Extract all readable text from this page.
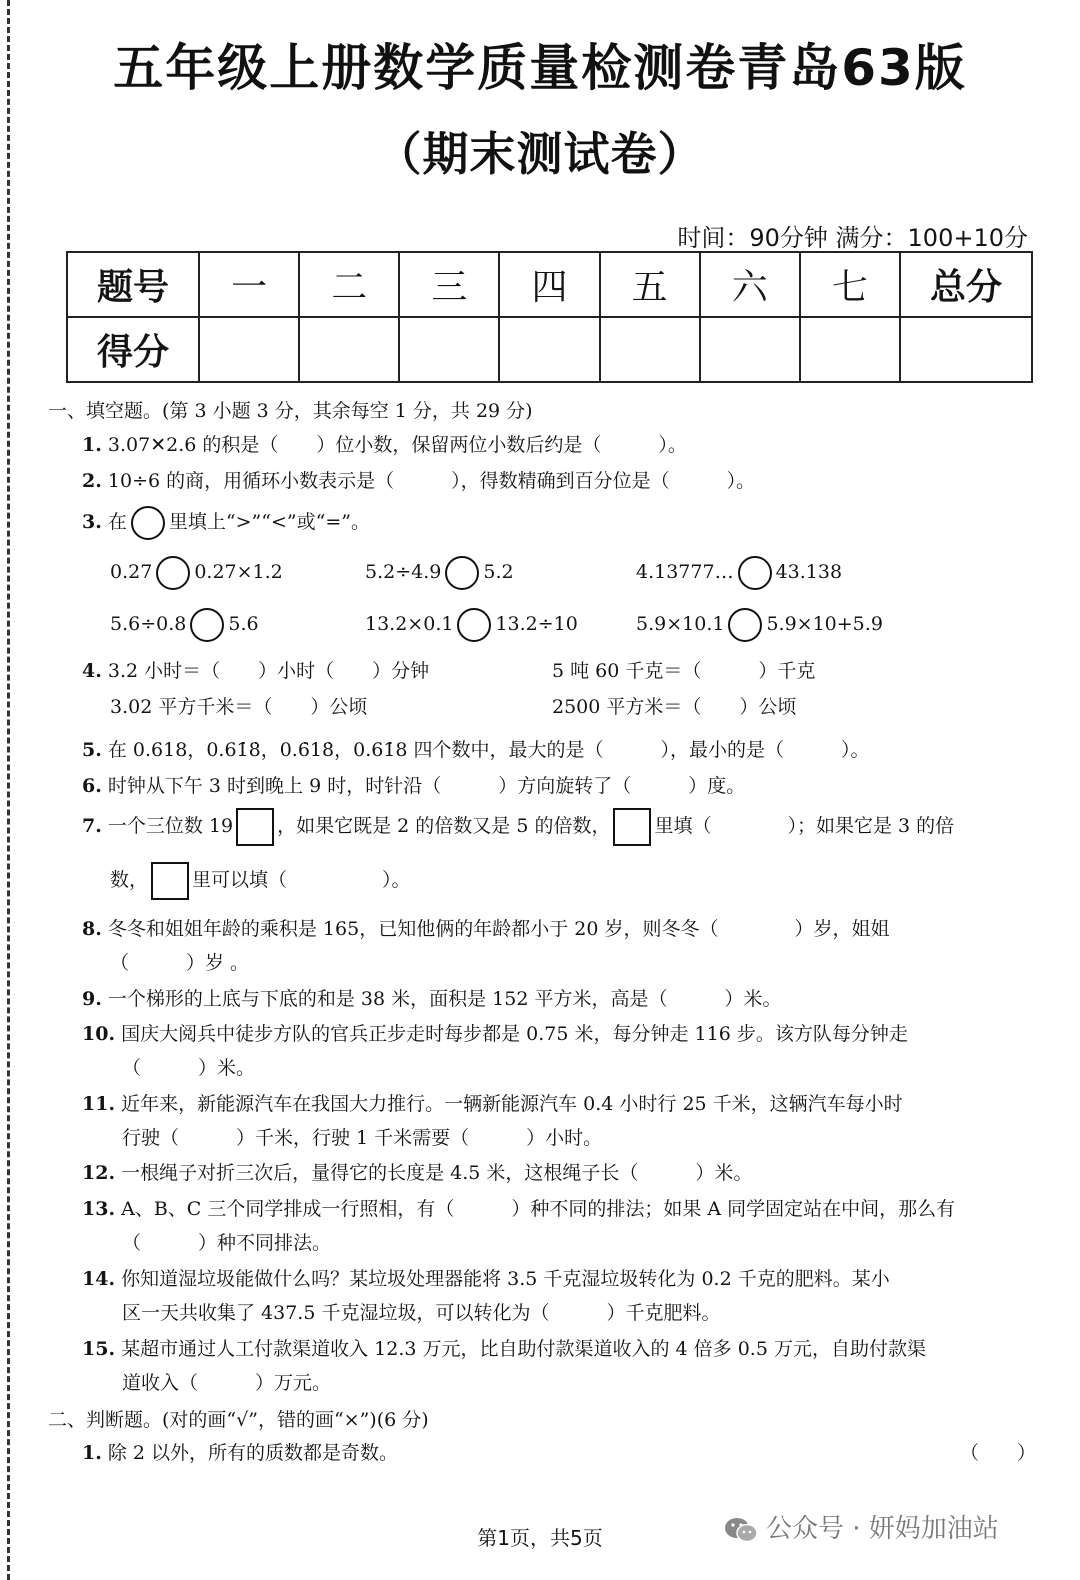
五年级上册数学质量检测卷青岛63版
（期末测试卷）
时间：90分钟 满分：100+10分
题号	一	二	三	四	五	六	七	总分
得分								
一、填空题。(第 3 小题 3 分，其余每空 1 分，共 29 分)
1. 3.07✕2.6 的积是（　　）位小数，保留两位小数后约是（　　　）。
2. 10÷6 的商，用循环小数表示是（　　　），得数精确到百分位是（　　　）。
3. 在 里填上“>”“<”或“=”。
0.27 0.27×1.2	5.2÷4.9 5.2	4.13777… 43.138
5.6÷0.8 5.6	13.2×0.1 13.2÷10	5.9×10.1 5.9×10+5.9
4. 3.2 小时＝（　　）小时（　　）分钟	5 吨 60 千克＝（　　　）千克
3.02 平方千米＝（　　）公顷	2500 平方米＝（　　）公顷
5. 在 0.618，0.61̇8̇，0.6̇18̇，0.61̇8 四个数中，最大的是（　　　），最小的是（　　　）。
6. 时钟从下午 3 时到晚上 9 时，时针沿（　　　）方向旋转了（　　　）度。
7. 一个三位数 19 ，如果它既是 2 的倍数又是 5 的倍数， 里填（　　　　）；如果它是 3 的倍
数， 里可以填（　　　　　）。
8. 冬冬和姐姐年龄的乘积是 165，已知他俩的年龄都小于 20 岁，则冬冬（　　　　）岁，姐姐
（　　　）岁 。
9. 一个梯形的上底与下底的和是 38 米，面积是 152 平方米，高是（　　　）米。
10. 国庆大阅兵中徒步方队的官兵正步走时每步都是 0.75 米，每分钟走 116 步。该方队每分钟走
（　　　）米。
11. 近年来，新能源汽车在我国大力推行。一辆新能源汽车 0.4 小时行 25 千米，这辆汽车每小时
行驶（　　　）千米，行驶 1 千米需要（　　　）小时。
12. 一根绳子对折三次后，量得它的长度是 4.5 米，这根绳子长（　　　）米。
13. A、B、C 三个同学排成一行照相，有（　　　）种不同的排法；如果 A 同学固定站在中间，那么有
（　　　）种不同排法。
14. 你知道湿垃圾能做什么吗？某垃圾处理器能将 3.5 千克湿垃圾转化为 0.2 千克的肥料。某小
区一天共收集了 437.5 千克湿垃圾，可以转化为（　　　）千克肥料。
15. 某超市通过人工付款渠道收入 12.3 万元，比自助付款渠道收入的 4 倍多 0.5 万元，自助付款渠
道收入（　　　）万元。
二、判断题。(对的画“√”，错的画“×”)(6 分)
1. 除 2 以外，所有的质数都是奇数。	（　　）
第1页，共5页	公众号 · 妍妈加油站
